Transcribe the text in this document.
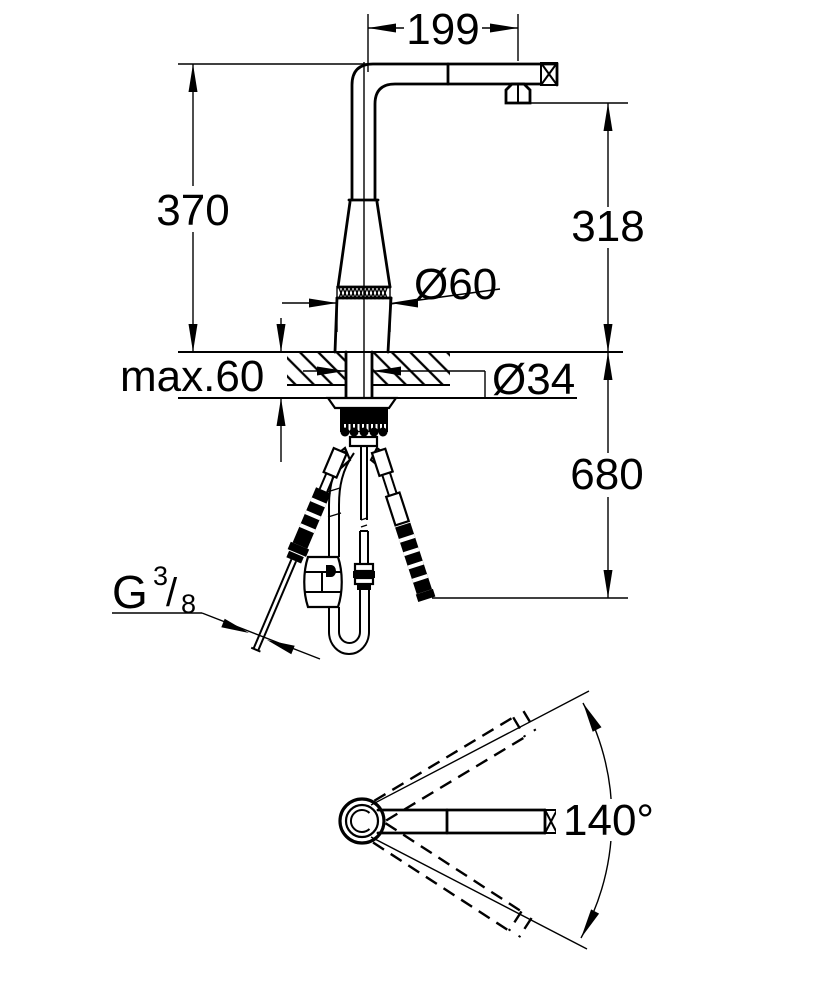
199
370	318
680
Ø60
max.60	Ø34
G 3
/ 8
140°
